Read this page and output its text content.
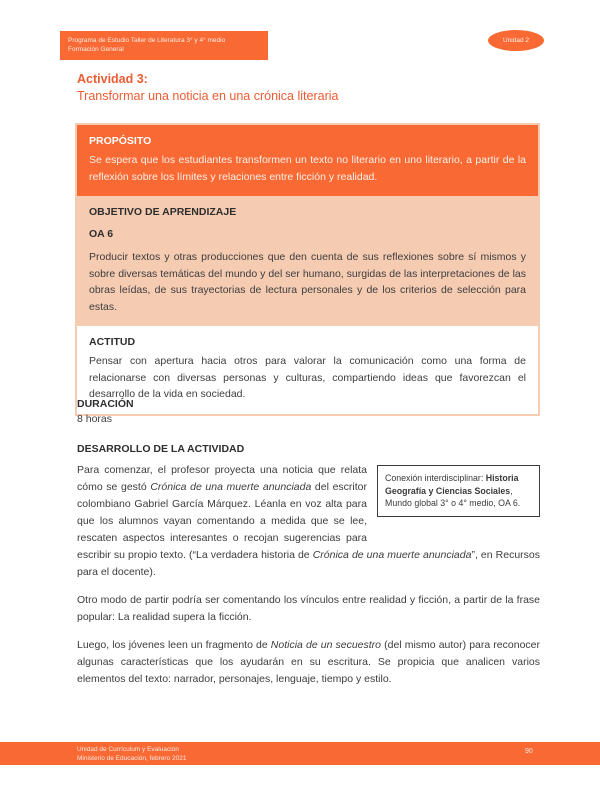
Programa de Estudio Taller de Literatura 3° y 4° medio
Formación General
Unidad 2
Actividad 3:
Transformar una noticia en una crónica literaria
PROPÓSITO

Se espera que los estudiantes transformen un texto no literario en uno literario, a partir de la reflexión sobre los límites y relaciones entre ficción y realidad.

OBJETIVO DE APRENDIZAJE
OA 6

Producir textos y otras producciones que den cuenta de sus reflexiones sobre sí mismos y sobre diversas temáticas del mundo y del ser humano, surgidas de las interpretaciones de las obras leídas, de sus trayectorias de lectura personales y de los criterios de selección para estas.

ACTITUD

Pensar con apertura hacia otros para valorar la comunicación como una forma de relacionarse con diversas personas y culturas, compartiendo ideas que favorezcan el desarrollo de la vida en sociedad.

DURACIÓN
8 horas
DESARROLLO DE LA ACTIVIDAD
Conexión interdisciplinar: Historia Geografía y Ciencias Sociales, Mundo global 3° o 4° medio, OA 6.

Para comenzar, el profesor proyecta una noticia que relata cómo se gestó Crónica de una muerte anunciada del escritor colombiano Gabriel García Márquez. Léanla en voz alta para que los alumnos vayan comentando a medida que se lee, rescaten aspectos interesantes o recojan sugerencias para escribir su propio texto. (“La verdadera historia de Crónica de una muerte anunciada”, en Recursos para el docente).

Otro modo de partir podría ser comentando los vínculos entre realidad y ficción, a partir de la frase popular: La realidad supera la ficción.

Luego, los jóvenes leen un fragmento de Noticia de un secuestro (del mismo autor) para reconocer algunas características que los ayudarán en su escritura. Se propicia que analicen varios elementos del texto: narrador, personajes, lenguaje, tiempo y estilo.

Unidad de Currículum y Evaluación
Ministerio de Educación, febrero 2021
90
